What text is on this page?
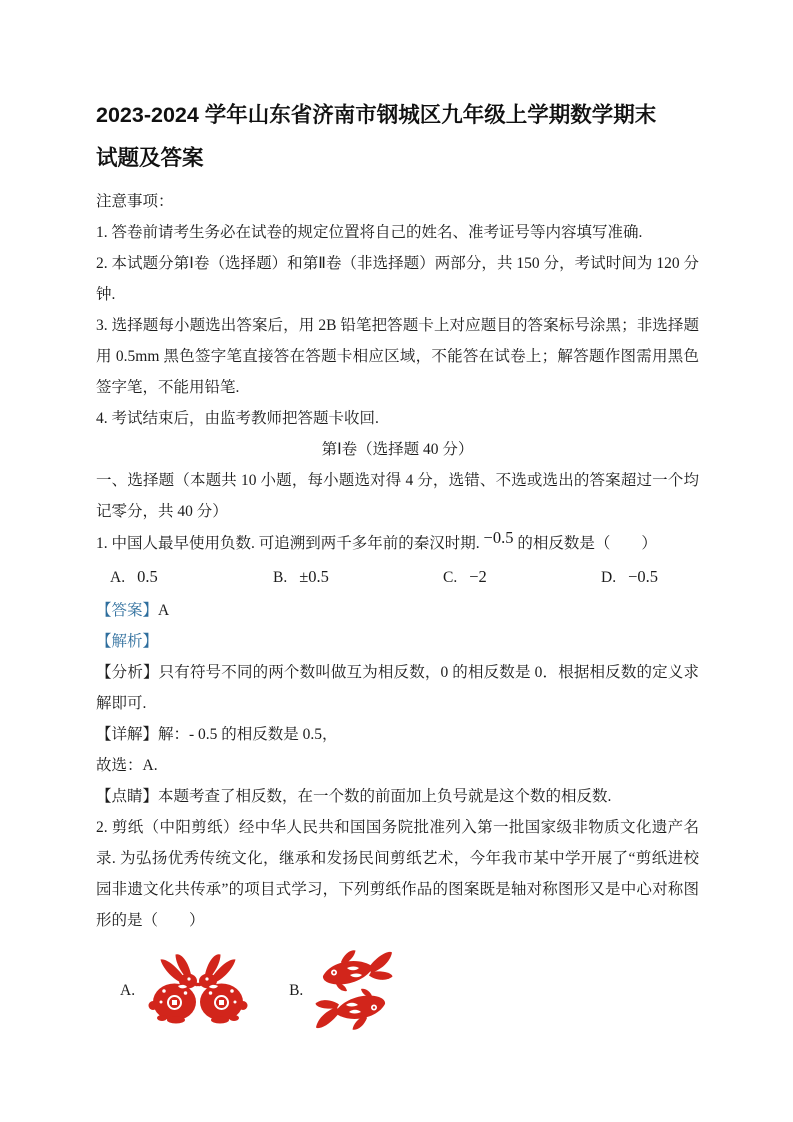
2023-2024 学年山东省济南市钢城区九年级上学期数学期末
试题及答案

注意事项：

1. 答卷前请考生务必在试卷的规定位置将自己的姓名、准考证号等内容填写准确.

2. 本试题分第Ⅰ卷（选择题）和第Ⅱ卷（非选择题）两部分，共 150 分，考试时间为 120 分钟.

3. 选择题每小题选出答案后，用 2B 铅笔把答题卡上对应题目的答案标号涂黑；非选择题用 0.5mm 黑色签字笔直接答在答题卡相应区域，不能答在试卷上；解答题作图需用黑色签字笔，不能用铅笔.

4. 考试结束后，由监考教师把答题卡收回.

第Ⅰ卷（选择题 40 分）

一、选择题（本题共 10 小题，每小题选对得 4 分，选错、不选或选出的答案超过一个均记零分，共 40 分）

1. 中国人最早使用负数. 可追溯到两千多年前的秦汉时期. −0.5 的相反数是（　　）

A. 0.5	B. ±0.5	C. −2	D. −0.5

【答案】A

【解析】

【分析】只有符号不同的两个数叫做互为相反数，0 的相反数是 0．根据相反数的定义求解即可.

【详解】解：- 0.5 的相反数是 0.5，

故选：A.

【点睛】本题考查了相反数，在一个数的前面加上负号就是这个数的相反数.

2. 剪纸（中阳剪纸）经中华人民共和国国务院批准列入第一批国家级非物质文化遗产名录. 为弘扬优秀传统文化，继承和发扬民间剪纸艺术，今年我市某中学开展了“剪纸进校园非遗文化共传承”的项目式学习，下列剪纸作品的图案既是轴对称图形又是中心对称图形的是（　　）

A.	B.
